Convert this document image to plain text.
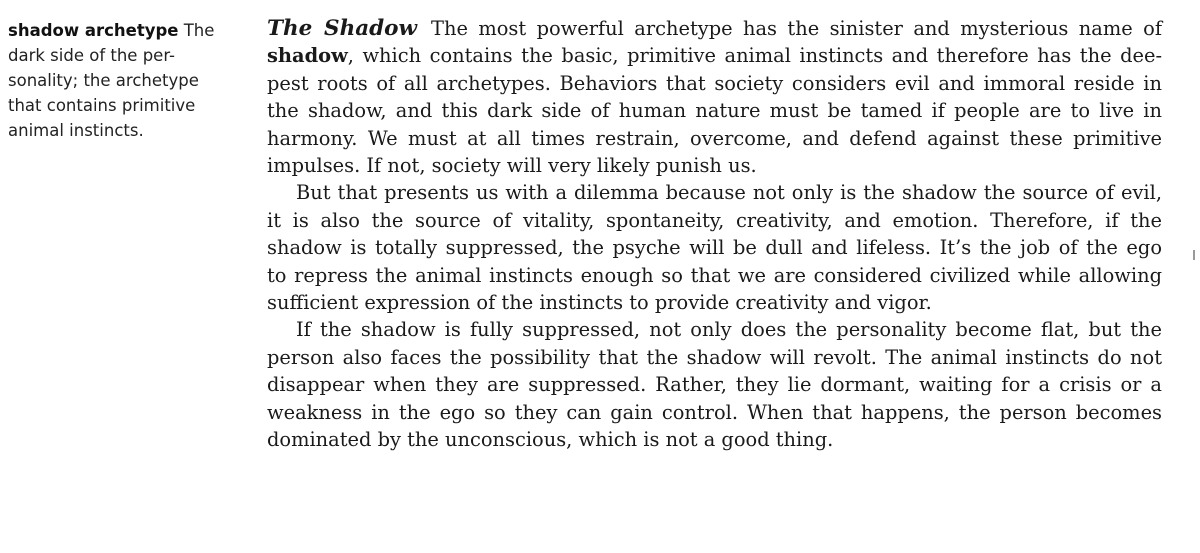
shadow archetype The
dark side of the per-
sonality; the archetype
that contains primitive
animal instincts.
The Shadow The most powerful archetype has the sinister and mysterious name of
shadow, which contains the basic, primitive animal instincts and therefore has the dee-
pest roots of all archetypes. Behaviors that society considers evil and immoral reside in
the shadow, and this dark side of human nature must be tamed if people are to live in
harmony. We must at all times restrain, overcome, and defend against these primitive
impulses. If not, society will very likely punish us.
But that presents us with a dilemma because not only is the shadow the source of evil,
it is also the source of vitality, spontaneity, creativity, and emotion. Therefore, if the
shadow is totally suppressed, the psyche will be dull and lifeless. It’s the job of the ego
to repress the animal instincts enough so that we are considered civilized while allowing
sufficient expression of the instincts to provide creativity and vigor.
If the shadow is fully suppressed, not only does the personality become flat, but the
person also faces the possibility that the shadow will revolt. The animal instincts do not
disappear when they are suppressed. Rather, they lie dormant, waiting for a crisis or a
weakness in the ego so they can gain control. When that happens, the person becomes
dominated by the unconscious, which is not a good thing.
